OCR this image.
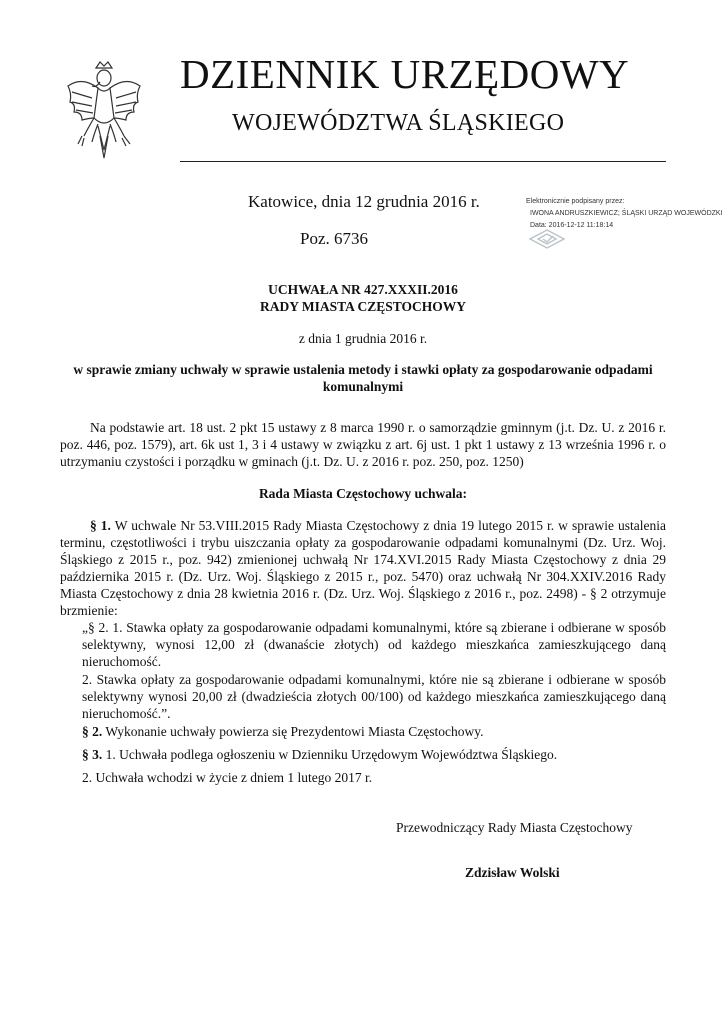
DZIENNIK URZĘDOWY
WOJEWÓDZTWA ŚLĄSKIEGO
Katowice, dnia 12 grudnia 2016 r.
Poz. 6736
Elektronicznie podpisany przez:
IWONA ANDRUSZKIEWICZ; ŚLĄSKI URZĄD WOJEWÓDZKI
Data: 2016-12-12 11:18:14
UCHWAŁA NR 427.XXXII.2016
RADY MIASTA CZĘSTOCHOWY
z dnia 1 grudnia 2016 r.
w sprawie zmiany uchwały w sprawie ustalenia metody i stawki opłaty za gospodarowanie odpadami komunalnymi
Na podstawie art. 18 ust. 2 pkt 15 ustawy z 8 marca 1990 r. o samorządzie gminnym (j.t. Dz. U. z 2016 r. poz. 446, poz. 1579), art. 6k ust 1, 3 i 4 ustawy w związku z art. 6j ust. 1 pkt 1 ustawy z 13 września 1996 r. o utrzymaniu czystości i porządku w gminach (j.t. Dz. U. z 2016 r. poz. 250, poz. 1250)
Rada Miasta Częstochowy uchwala:
§ 1. W uchwale Nr 53.VIII.2015 Rady Miasta Częstochowy z dnia 19 lutego 2015 r. w sprawie ustalenia terminu, częstotliwości i trybu uiszczania opłaty za gospodarowanie odpadami komunalnymi (Dz. Urz. Woj. Śląskiego z 2015 r., poz. 942) zmienionej uchwałą Nr 174.XVI.2015 Rady Miasta Częstochowy z dnia 29 października 2015 r. (Dz. Urz. Woj. Śląskiego z 2015 r., poz. 5470) oraz uchwałą Nr 304.XXIV.2016 Rady Miasta Częstochowy z dnia 28 kwietnia 2016 r. (Dz. Urz. Woj. Śląskiego z 2016 r., poz. 2498) - § 2 otrzymuje brzmienie:
„§ 2. 1. Stawka opłaty za gospodarowanie odpadami komunalnymi, które są zbierane i odbierane w sposób selektywny, wynosi 12,00 zł (dwanaście złotych) od każdego mieszkańca zamieszkującego daną nieruchomość.
2. Stawka opłaty za gospodarowanie odpadami komunalnymi, które nie są zbierane i odbierane w sposób selektywny wynosi 20,00 zł (dwadzieścia złotych 00/100) od każdego mieszkańca zamieszkującego daną nieruchomość.”.
§ 2. Wykonanie uchwały powierza się Prezydentowi Miasta Częstochowy.
§ 3. 1. Uchwała podlega ogłoszeniu w Dzienniku Urzędowym Województwa Śląskiego.
2. Uchwała wchodzi w życie z dniem 1 lutego 2017 r.
Przewodniczący Rady Miasta Częstochowy
Zdzisław Wolski
